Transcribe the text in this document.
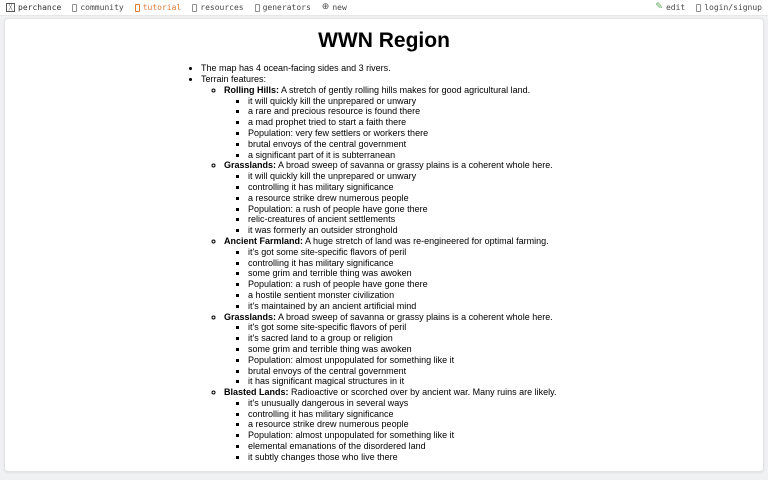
╳ perchance community tutorial resources generators ⊕ new	✎ edit login/signup
WWN Region
• The map has 4 ocean-facing sides and 3 rivers.
• Terrain features:
◦ Rolling Hills: A stretch of gently rolling hills makes for good agricultural land.
▪ it will quickly kill the unprepared or unwary
▪ a rare and precious resource is found there
▪ a mad prophet tried to start a faith there
▪ Population: very few settlers or workers there
▪ brutal envoys of the central government
▪ a significant part of it is subterranean
◦ Grasslands: A broad sweep of savanna or grassy plains is a coherent whole here.
▪ it will quickly kill the unprepared or unwary
▪ controlling it has military significance
▪ a resource strike drew numerous people
▪ Population: a rush of people have gone there
▪ relic-creatures of ancient settlements
▪ it was formerly an outsider stronghold
◦ Ancient Farmland: A huge stretch of land was re-engineered for optimal farming.
▪ it's got some site-specific flavors of peril
▪ controlling it has military significance
▪ some grim and terrible thing was awoken
▪ Population: a rush of people have gone there
▪ a hostile sentient monster civilization
▪ it's maintained by an ancient artificial mind
◦ Grasslands: A broad sweep of savanna or grassy plains is a coherent whole here.
▪ it's got some site-specific flavors of peril
▪ it's sacred land to a group or religion
▪ some grim and terrible thing was awoken
▪ Population: almost unpopulated for something like it
▪ brutal envoys of the central government
▪ it has significant magical structures in it
◦ Blasted Lands: Radioactive or scorched over by ancient war. Many ruins are likely.
▪ it's unusually dangerous in several ways
▪ controlling it has military significance
▪ a resource strike drew numerous people
▪ Population: almost unpopulated for something like it
▪ elemental emanations of the disordered land
▪ it subtly changes those who live there
